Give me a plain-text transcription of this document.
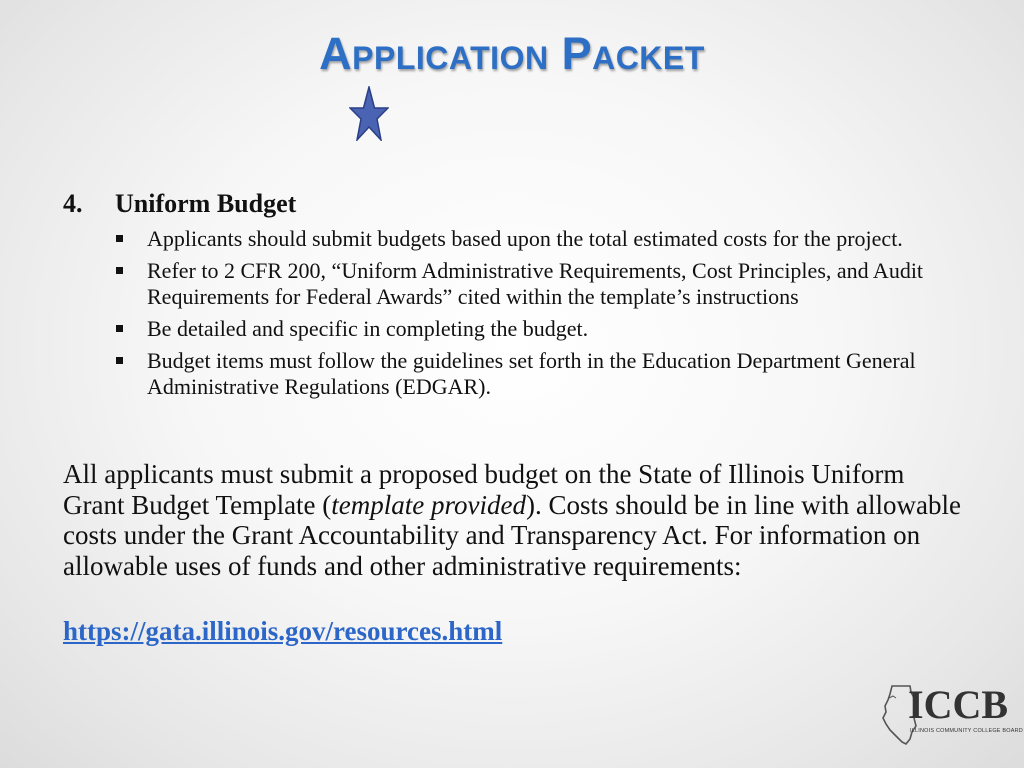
Application Packet
4. Uniform Budget
Applicants should submit budgets based upon the total estimated costs for the project.
Refer to 2 CFR 200, “Uniform Administrative Requirements, Cost Principles, and Audit Requirements for Federal Awards” cited within the template’s instructions
Be detailed and specific in completing the budget.
Budget items must follow the guidelines set forth in the Education Department General Administrative Regulations (EDGAR).
All applicants must submit a proposed budget on the State of Illinois Uniform Grant Budget Template (template provided). Costs should be in line with allowable costs under the Grant Accountability and Transparency Act. For information on allowable uses of funds and other administrative requirements:
https://gata.illinois.gov/resources.html
ICCB
ILLINOIS COMMUNITY COLLEGE BOARD
